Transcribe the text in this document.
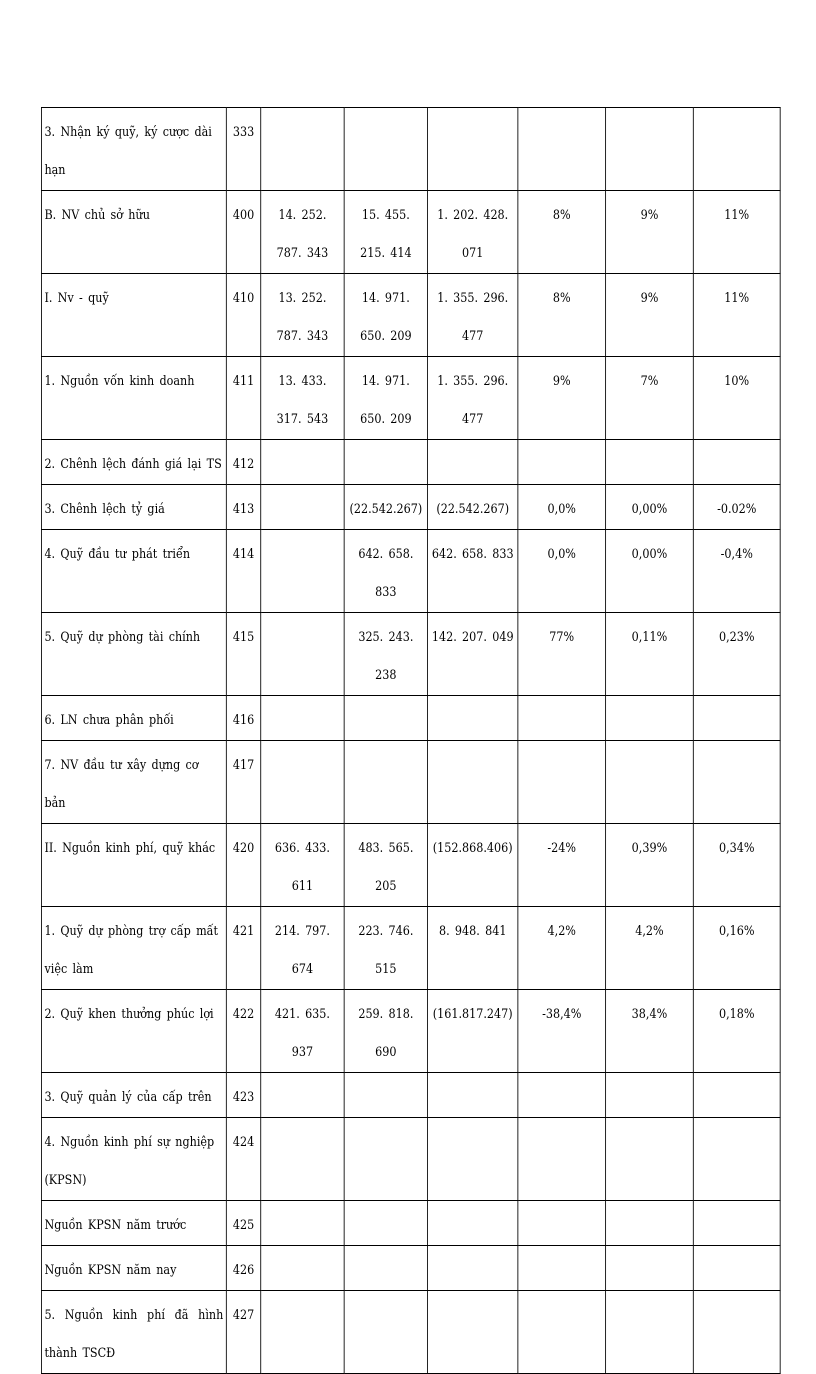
3. Nhận ký quỹ, ký cược dài hạn	333						
B. NV chủ sở hữu	400	14. 252. 787. 343	15. 455. 215. 414	1. 202. 428. 071	8%	9%	11%
I. Nv - quỹ	410	13. 252. 787. 343	14. 971. 650. 209	1. 355. 296. 477	8%	9%	11%
1. Nguồn vốn kinh doanh	411	13. 433. 317. 543	14. 971. 650. 209	1. 355. 296. 477	9%	7%	10%
2. Chênh lệch đánh giá lại TS	412						
3. Chênh lệch tỷ giá	413		(22.542.267)	(22.542.267)	0,0%	0,00%	-0.02%
4. Quỹ đầu tư phát triển	414		642. 658. 833	642. 658. 833	0,0%	0,00%	-0,4%
5. Quỹ dự phòng tài chính	415		325. 243. 238	142. 207. 049	77%	0,11%	0,23%
6. LN chưa phân phối	416						
7. NV đầu tư xây dựng cơ bản	417						
II. Nguồn kinh phí, quỹ khác	420	636. 433. 611	483. 565. 205	(152.868.406)	-24%	0,39%	0,34%
1. Quỹ dự phòng trợ cấp mất việc làm	421	214. 797. 674	223. 746. 515	8. 948. 841	4,2%	4,2%	0,16%
2. Quỹ khen thưởng phúc lợi	422	421. 635. 937	259. 818. 690	(161.817.247)	-38,4%	38,4%	0,18%
3. Quỹ quản lý của cấp trên	423						
4. Nguồn kinh phí sự nghiệp (KPSN)	424						
Nguồn KPSN năm trước	425						
Nguồn KPSN năm nay	426						
5. Nguồn kinh phí đã hình thành TSCĐ	427						
